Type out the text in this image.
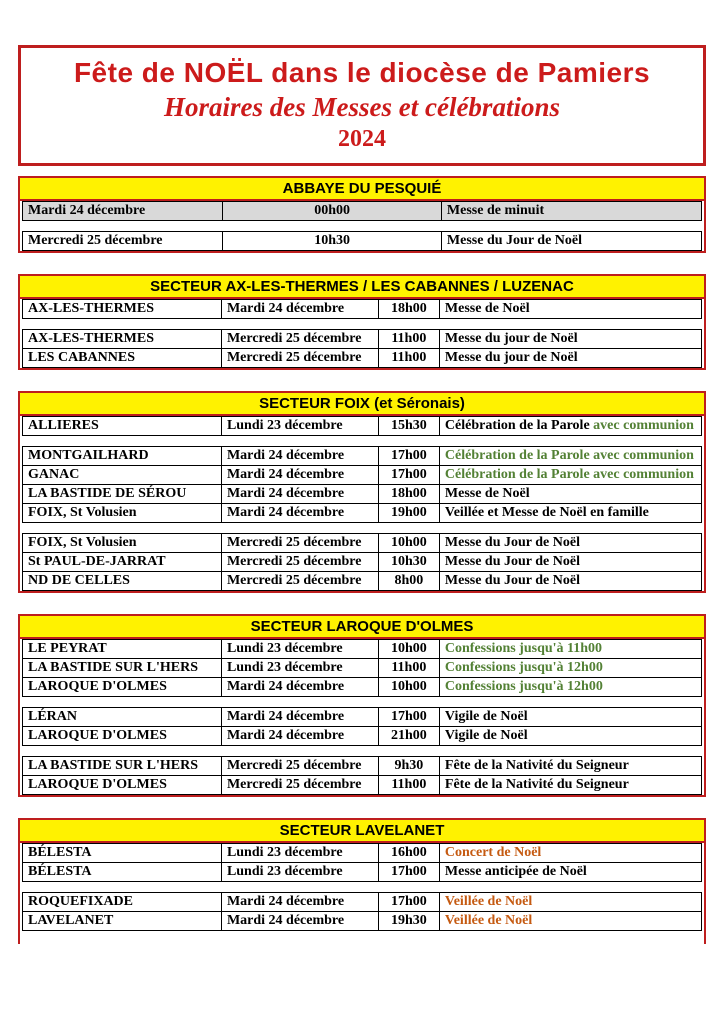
Fête de NOËL dans le diocèse de Pamiers
Horaires des Messes et célébrations
2024
ABBAYE DU PESQUIÉ
Mardi 24 décembre	00h00	Messe de minuit

Mercredi 25 décembre	10h30	Messe du Jour de Noël
SECTEUR AX-LES-THERMES / LES CABANNES / LUZENAC
AX-LES-THERMES	Mardi 24 décembre	18h00	Messe de Noël

AX-LES-THERMES	Mercredi 25 décembre	11h00	Messe du jour de Noël
LES CABANNES	Mercredi 25 décembre	11h00	Messe du jour de Noël
SECTEUR FOIX (et Séronais)
ALLIERES	Lundi 23 décembre	15h30	Célébration de la Parole avec communion

MONTGAILHARD	Mardi 24 décembre	17h00	Célébration de la Parole avec communion
GANAC	Mardi 24 décembre	17h00	Célébration de la Parole avec communion
LA BASTIDE DE SÉROU	Mardi 24 décembre	18h00	Messe de Noël
FOIX, St Volusien	Mardi 24 décembre	19h00	Veillée et Messe de Noël en famille

FOIX, St Volusien	Mercredi 25 décembre	10h00	Messe du Jour de Noël
St PAUL-DE-JARRAT	Mercredi 25 décembre	10h30	Messe du Jour de Noël
ND DE CELLES	Mercredi 25 décembre	8h00	Messe du Jour de Noël
SECTEUR LAROQUE D'OLMES
LE PEYRAT	Lundi 23 décembre	10h00	Confessions jusqu'à 11h00
LA BASTIDE SUR L'HERS	Lundi 23 décembre	11h00	Confessions jusqu'à 12h00
LAROQUE D'OLMES	Mardi 24 décembre	10h00	Confessions jusqu'à 12h00

LÉRAN	Mardi 24 décembre	17h00	Vigile de Noël
LAROQUE D'OLMES	Mardi 24 décembre	21h00	Vigile de Noël

LA BASTIDE SUR L'HERS	Mercredi 25 décembre	9h30	Fête de la Nativité du Seigneur
LAROQUE D'OLMES	Mercredi 25 décembre	11h00	Fête de la Nativité du Seigneur
SECTEUR LAVELANET
BÉLESTA	Lundi 23 décembre	16h00	Concert de Noël
BÉLESTA	Lundi 23 décembre	17h00	Messe anticipée de Noël

ROQUEFIXADE	Mardi 24 décembre	17h00	Veillée de Noël
LAVELANET	Mardi 24 décembre	19h30	Veillée de Noël
